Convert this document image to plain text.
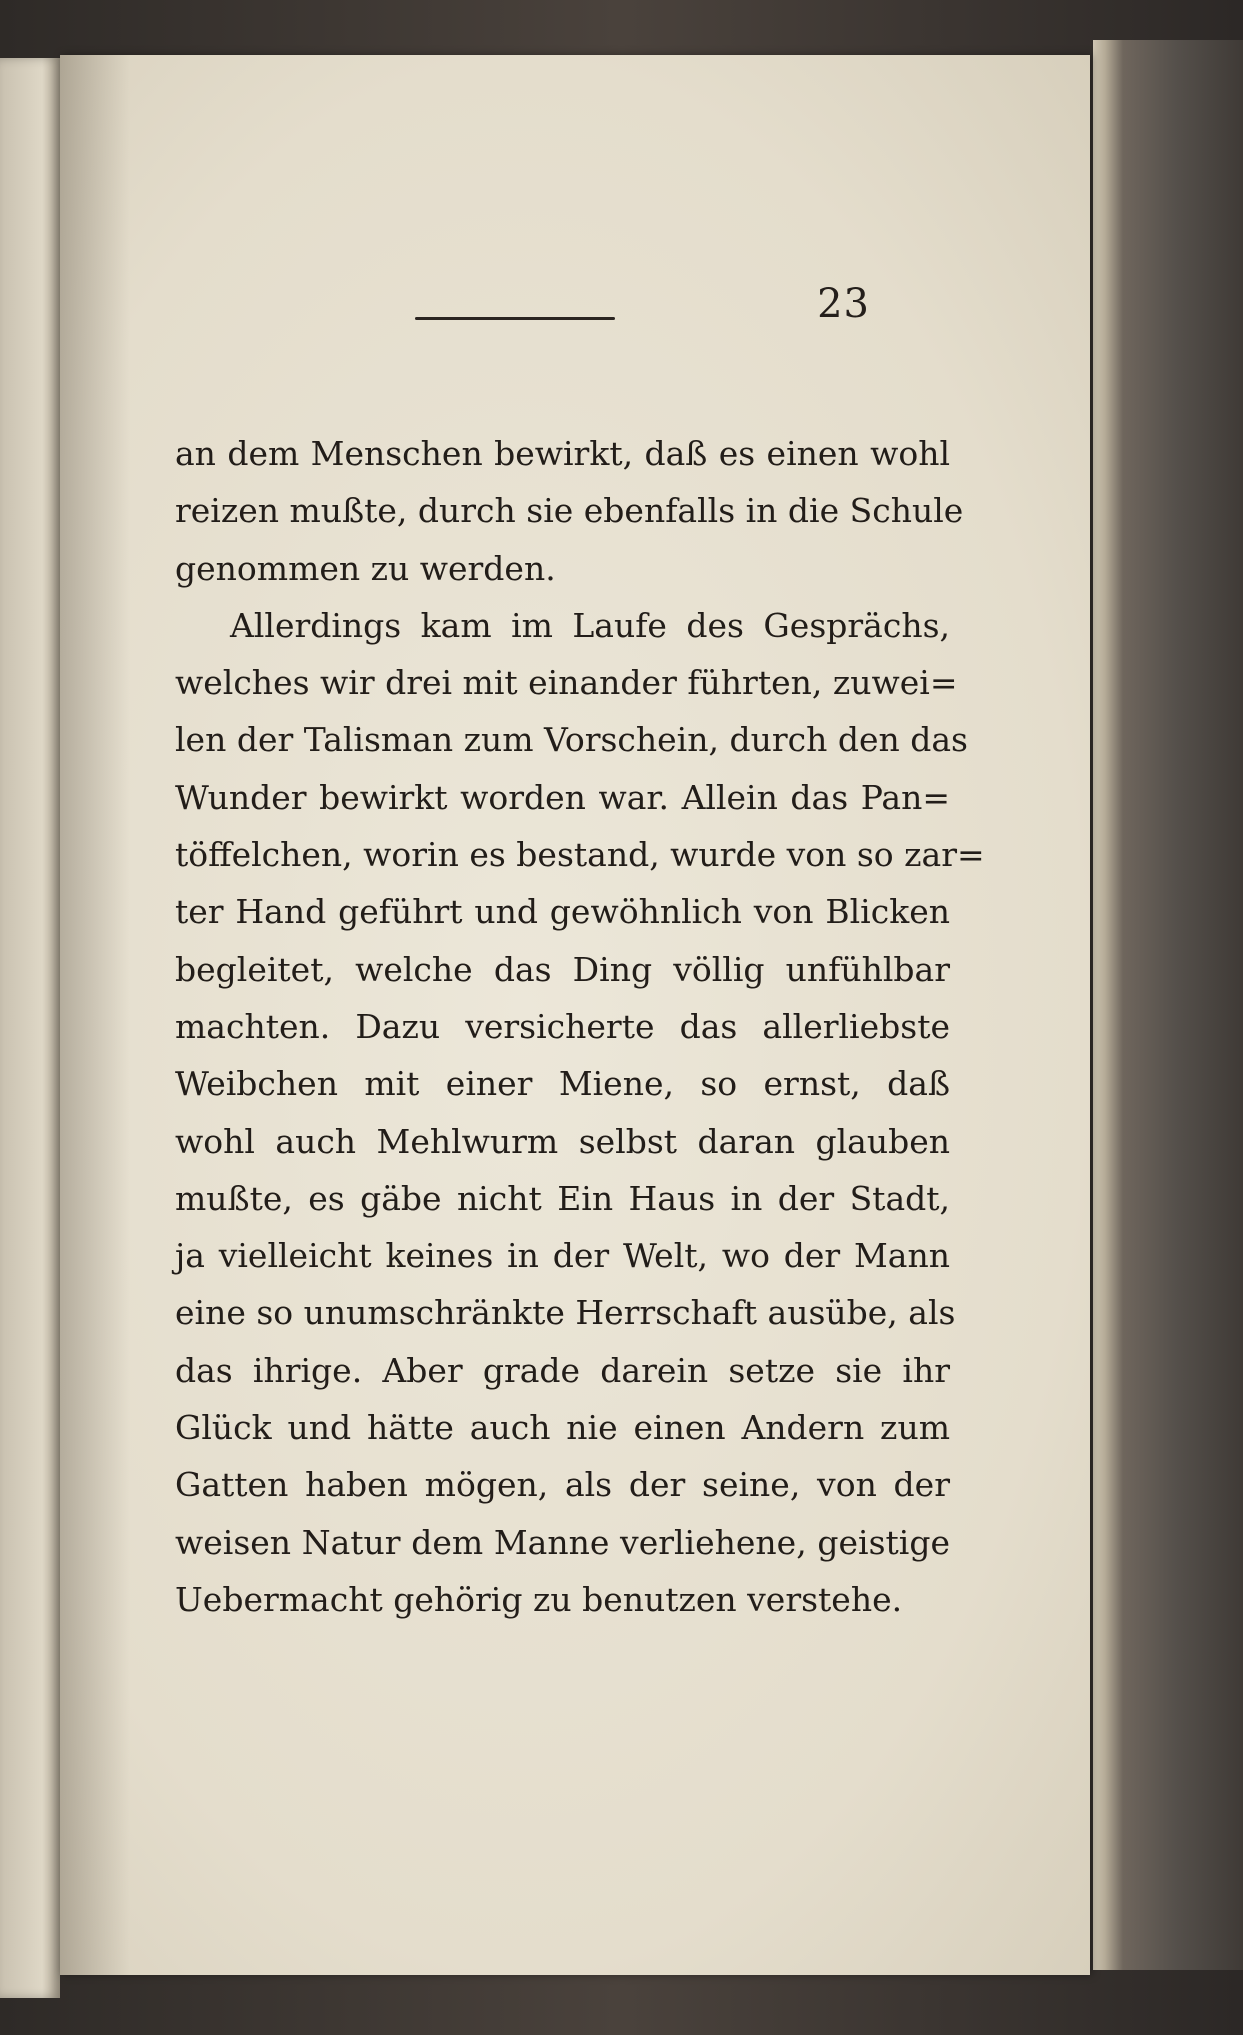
23
an dem Menschen bewirkt, daß es einen wohl
reizen mußte, durch sie ebenfalls in die Schule
genommen zu werden.
Allerdings kam im Laufe des Gesprächs,
welches wir drei mit einander führten, zuwei=
len der Talisman zum Vorschein, durch den das
Wunder bewirkt worden war. Allein das Pan=
töffelchen, worin es bestand, wurde von so zar=
ter Hand geführt und gewöhnlich von Blicken
begleitet, welche das Ding völlig unfühlbar
machten. Dazu versicherte das allerliebste
Weibchen mit einer Miene, so ernst, daß
wohl auch Mehlwurm selbst daran glauben
mußte, es gäbe nicht Ein Haus in der Stadt,
ja vielleicht keines in der Welt, wo der Mann
eine so unumschränkte Herrschaft ausübe, als
das ihrige. Aber grade darein setze sie ihr
Glück und hätte auch nie einen Andern zum
Gatten haben mögen, als der seine, von der
weisen Natur dem Manne verliehene, geistige
Uebermacht gehörig zu benutzen verstehe.
